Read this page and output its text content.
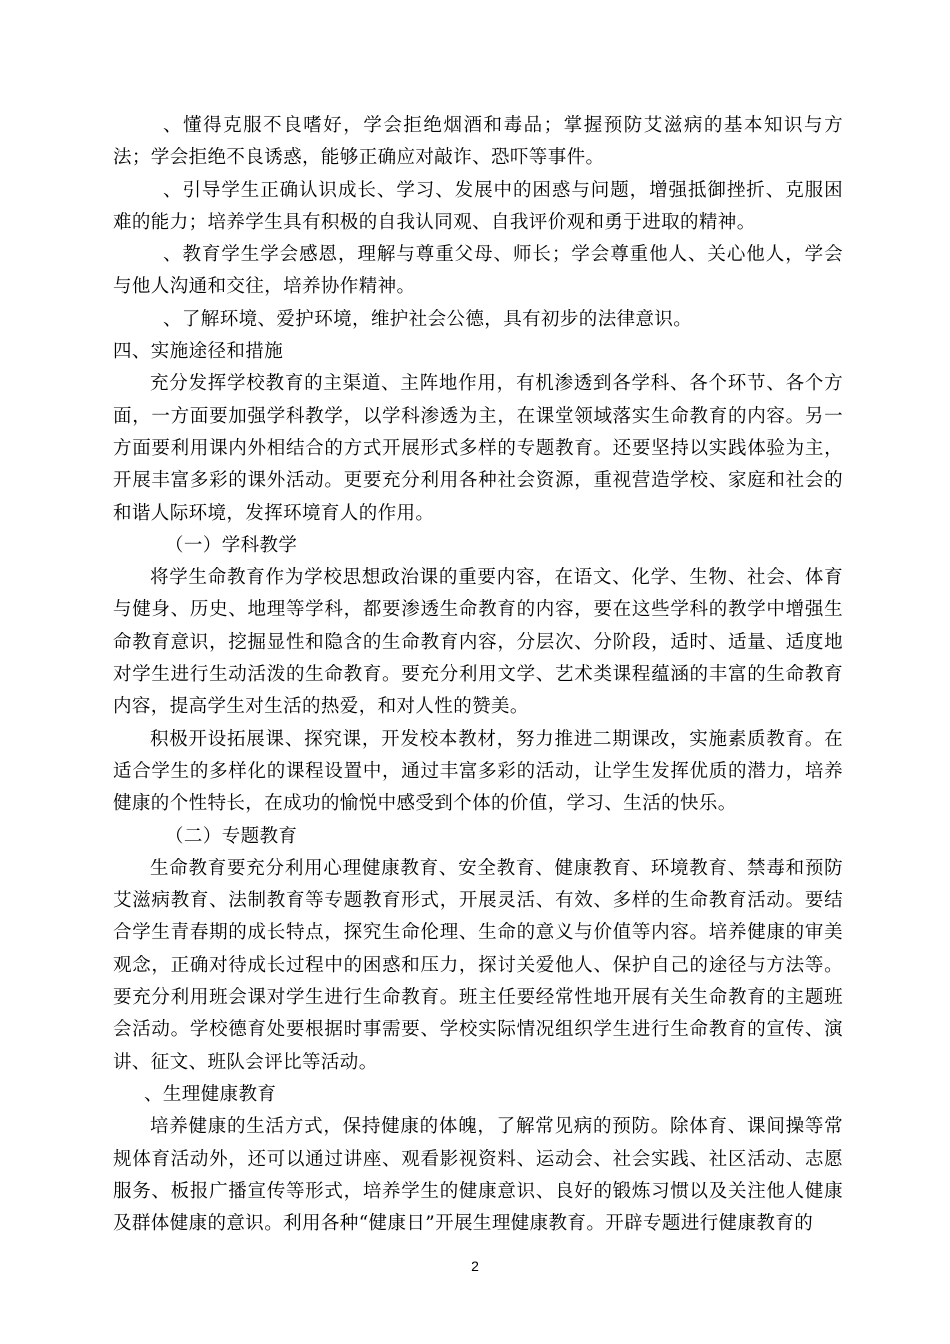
、懂得克服不良嗜好，学会拒绝烟酒和毒品；掌握预防艾滋病的基本知识与方法；学会拒绝不良诱惑，能够正确应对敲诈、恐吓等事件。

、引导学生正确认识成长、学习、发展中的困惑与问题，增强抵御挫折、克服困难的能力；培养学生具有积极的自我认同观、自我评价观和勇于进取的精神。

、教育学生学会感恩，理解与尊重父母、师长；学会尊重他人、关心他人，学会与他人沟通和交往，培养协作精神。

、了解环境、爱护环境，维护社会公德，具有初步的法律意识。

四、实施途径和措施

充分发挥学校教育的主渠道、主阵地作用，有机渗透到各学科、各个环节、各个方面，一方面要加强学科教学，以学科渗透为主，在课堂领域落实生命教育的内容。另一方面要利用课内外相结合的方式开展形式多样的专题教育。还要坚持以实践体验为主，开展丰富多彩的课外活动。更要充分利用各种社会资源，重视营造学校、家庭和社会的和谐人际环境，发挥环境育人的作用。

（一）学科教学

将学生命教育作为学校思想政治课的重要内容，在语文、化学、生物、社会、体育与健身、历史、地理等学科，都要渗透生命教育的内容，要在这些学科的教学中增强生命教育意识，挖掘显性和隐含的生命教育内容，分层次、分阶段，适时、适量、适度地对学生进行生动活泼的生命教育。要充分利用文学、艺术类课程蕴涵的丰富的生命教育内容，提高学生对生活的热爱，和对人性的赞美。

积极开设拓展课、探究课，开发校本教材，努力推进二期课改，实施素质教育。在适合学生的多样化的课程设置中，通过丰富多彩的活动，让学生发挥优质的潜力，培养健康的个性特长，在成功的愉悦中感受到个体的价值，学习、生活的快乐。

（二）专题教育

生命教育要充分利用心理健康教育、安全教育、健康教育、环境教育、禁毒和预防艾滋病教育、法制教育等专题教育形式，开展灵活、有效、多样的生命教育活动。要结合学生青春期的成长特点，探究生命伦理、生命的意义与价值等内容。培养健康的审美观念，正确对待成长过程中的困惑和压力，探讨关爱他人、保护自己的途径与方法等。要充分利用班会课对学生进行生命教育。班主任要经常性地开展有关生命教育的主题班会活动。学校德育处要根据时事需要、学校实际情况组织学生进行生命教育的宣传、演讲、征文、班队会评比等活动。

、生理健康教育

培养健康的生活方式，保持健康的体魄，了解常见病的预防。除体育、课间操等常规体育活动外，还可以通过讲座、观看影视资料、运动会、社会实践、社区活动、志愿服务、板报广播宣传等形式，培养学生的健康意识、良好的锻炼习惯以及关注他人健康及群体健康的意识。利用各种“健康日”开展生理健康教育。开辟专题进行健康教育的

2
